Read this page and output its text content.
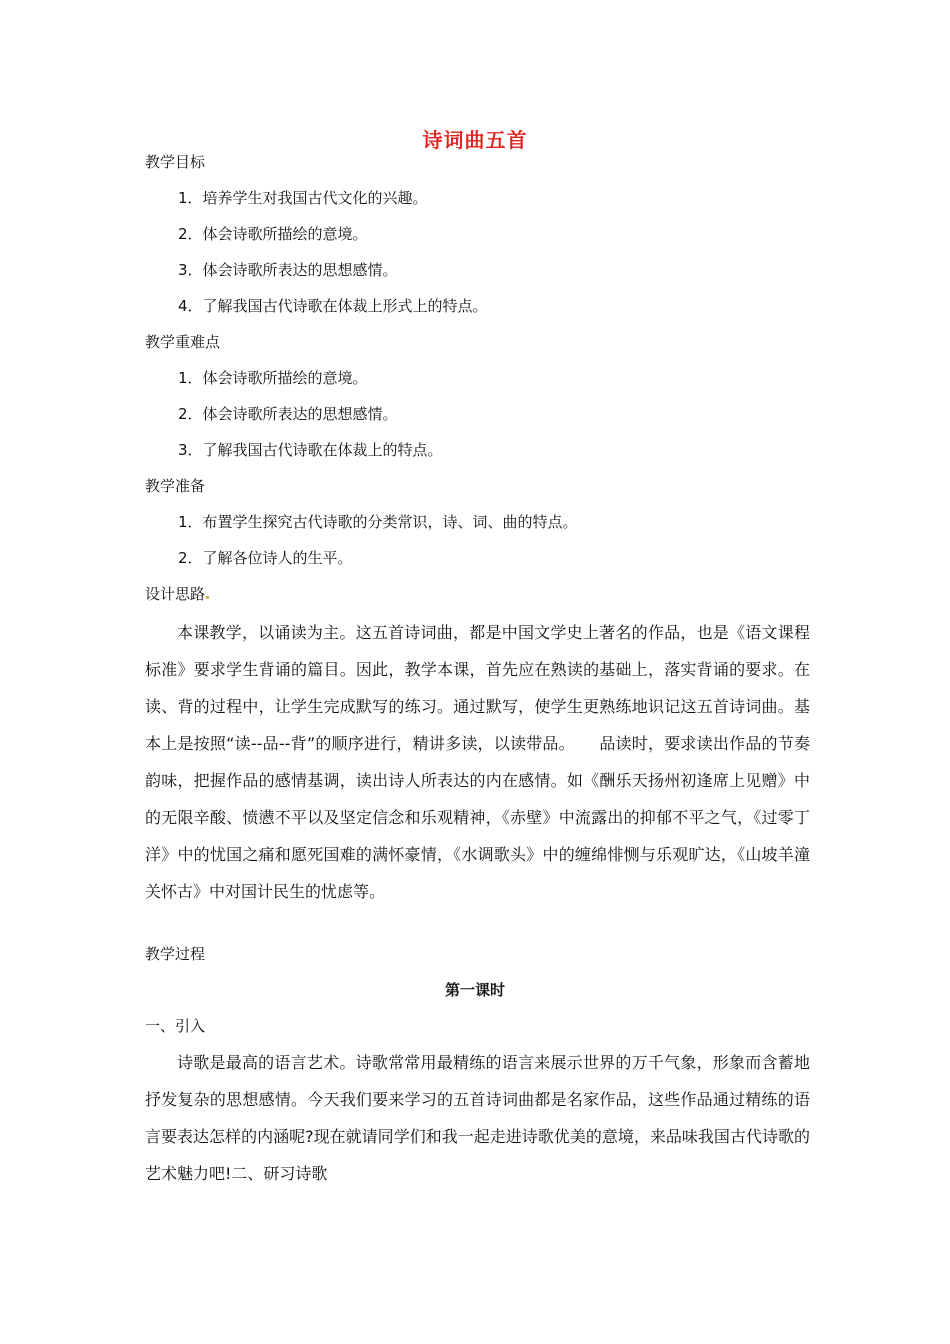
诗词曲五首
教学目标
1．培养学生对我国古代文化的兴趣。
2．体会诗歌所描绘的意境。
3．体会诗歌所表达的思想感情。
4．了解我国古代诗歌在体裁上形式上的特点。
教学重难点
1．体会诗歌所描绘的意境。
2．体会诗歌所表达的思想感情。
3．了解我国古代诗歌在体裁上的特点。
教学准备
1．布置学生探究古代诗歌的分类常识，诗、词、曲的特点。
2．了解各位诗人的生平。
设计思路
本课教学，以诵读为主。这五首诗词曲，都是中国文学史上著名的作品，也是《语文课程标准》要求学生背诵的篇目。因此，教学本课，首先应在熟读的基础上，落实背诵的要求。在读、背的过程中，让学生完成默写的练习。通过默写，使学生更熟练地识记这五首诗词曲。基本上是按照“读--品--背”的顺序进行，精讲多读，以读带品。　　品读时，要求读出作品的节奏韵味，把握作品的感情基调，读出诗人所表达的内在感情。如《酬乐天扬州初逢席上见赠》中的无限辛酸、愤懑不平以及坚定信念和乐观精神，《赤壁》中流露出的抑郁不平之气，《过零丁洋》中的忧国之痛和愿死国难的满怀豪情，《水调歌头》中的缠绵悱恻与乐观旷达，《山坡羊潼关怀古》中对国计民生的忧虑等。
教学过程
第一课时
一、引入
诗歌是最高的语言艺术。诗歌常常用最精练的语言来展示世界的万千气象，形象而含蓄地抒发复杂的思想感情。今天我们要来学习的五首诗词曲都是名家作品，这些作品通过精练的语言要表达怎样的内涵呢?现在就请同学们和我一起走进诗歌优美的意境，来品味我国古代诗歌的艺术魅力吧!二、研习诗歌
